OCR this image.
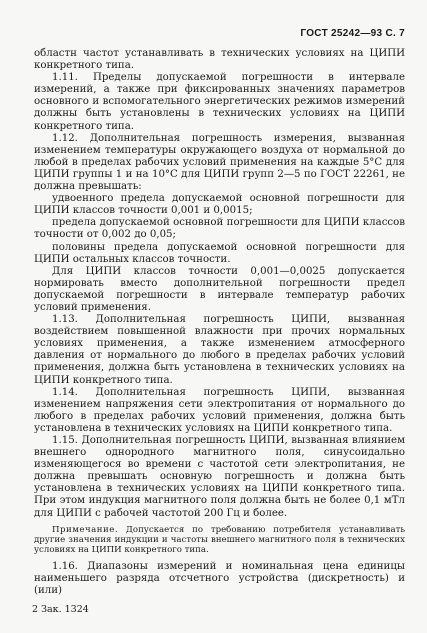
ГОСТ 25242—93 С. 7

областн частот устанавливать в технических условиях на ЦИПИ конкретного типа.

1.11. Пределы допускаемой погрешности в интервале измерений, а также при фиксированных значениях параметров основного и вспомогательного энергетических режимов измерений должны быть установлены в технических условиях на ЦИПИ конкретного типа.

1.12. Дополнительная погрешность измерения, вызванная изменением температуры окружающего воздуха от нормальной до любой в пределах рабочих условий применения на каждые 5°С для ЦИПИ группы 1 и на 10°С для ЦИПИ групп 2—5 по ГОСТ 22261, не должна превышать:

удвоенного предела допускаемой основной погрешности для ЦИПИ классов точности 0,001 и 0,0015;

предела допускаемой основной погрешности для ЦИПИ классов точности от 0,002 до 0,05;

половины предела допускаемой основной погрешности для ЦИПИ остальных классов точности.

Для ЦИПИ классов точности 0,001—0,0025 допускается нормировать вместо дополнительной погрешности предел допускаемой погрешности в интервале температур рабочих условий применения.

1.13. Дополнительная погрешность ЦИПИ, вызванная воздействием повышенной влажности при прочих нормальных условиях применения, а также изменением атмосферного давления от нормального до любого в пределах рабочих условий применения, должна быть установлена в технических условиях на ЦИПИ конкретного типа.

1.14. Дополнительная погрешность ЦИПИ, вызванная изменением напряжения сети электропитания от нормального до любого в пределах рабочих условий применения, должна быть установлена в технических условиях на ЦИПИ конкретного типа.

1.15. Дополнительная погрешность ЦИПИ, вызванная влиянием внешнего однородного магнитного поля, синусоидально изменяющегося во времени с частотой сети электропитания, не должна превышать основную погрешность и должна быть установлена в технических условиях на ЦИПИ конкретного типа. При этом индукция магнитного поля должна быть не более 0,1 мТл для ЦИПИ с рабочей частотой 200 Гц и более.

Примечание. Допускается по требованию потребителя устанавливать другие значения индукции и частоты внешнего магнитного поля в технических условиях на ЦИПИ конкретного типа.

1.16. Диапазоны измерений и номинальная цена единицы наименьшего разряда отсчетного устройства (дискретность) и (или)

2 Зак. 1324
